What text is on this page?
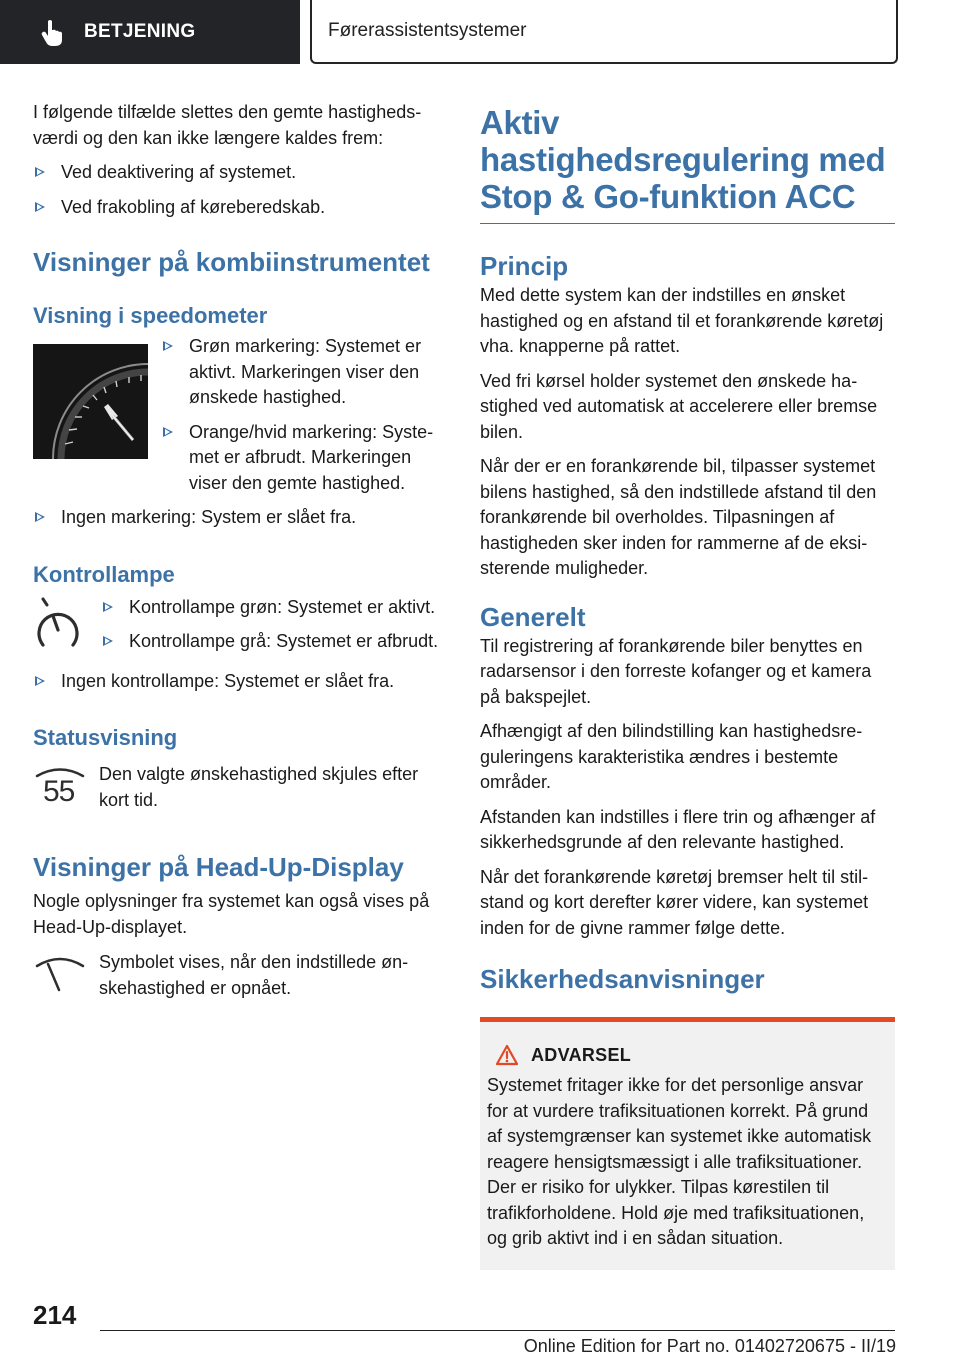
BETJENING	Førerassistentsystemer

I følgende tilfælde slettes den gemte hastighedsværdi og den kan ikke længere kaldes frem:

Ved deaktivering af systemet.
Ved frakobling af køreberedskab.
Visninger på kombiinstrumentet
Visning i speedometer
Grøn markering: Systemet er aktivt. Markeringen viser den ønskede hastighed.
Orange/hvid markering: Systemet er afbrudt. Markeringen viser den gemte hastighed.
Ingen markering: System er slået fra.
Kontrollampe
Kontrollampe grøn: Systemet er aktivt.
Kontrollampe grå: Systemet er afbrudt.
Ingen kontrollampe: Systemet er slået fra.
Statusvisning
55

Den valgte ønskehastighed skjules efter kort tid.

Visninger på Head-Up-Display

Nogle oplysninger fra systemet kan også vises på Head-Up-displayet.

Symbolet vises, når den indstillede ønskehastighed er opnået.

Aktiv hastighedsregulering med Stop & Go-funktion ACC
Princip

Med dette system kan der indstilles en ønsket hastighed og en afstand til et forankørende køretøj vha. knapperne på rattet.

Ved fri kørsel holder systemet den ønskede hastighed ved automatisk at accelerere eller bremse bilen.

Når der er en forankørende bil, tilpasser systemet bilens hastighed, så den indstillede afstand til den forankørende bil overholdes. Tilpasningen af hastigheden sker inden for rammerne af de eksisterende muligheder.

Generelt

Til registrering af forankørende biler benyttes en radarsensor i den forreste kofanger og et kamera på bakspejlet.

Afhængigt af den bilindstilling kan hastighedsreguleringens karakteristika ændres i bestemte områder.

Afstanden kan indstilles i flere trin og afhænger af sikkerhedsgrunde af den relevante hastighed.

Når det forankørende køretøj bremser helt til stilstand og kort derefter kører videre, kan systemet inden for de givne rammer følge dette.

Sikkerhedsanvisninger
ADVARSEL

Systemet fritager ikke for det personlige ansvar for at vurdere trafiksituationen korrekt. På grund af systemgrænser kan systemet ikke automatisk reagere hensigtsmæssigt i alle trafiksituationer. Der er risiko for ulykker. Tilpas kørestilen til trafikforholdene. Hold øje med trafiksituationen, og grib aktivt ind i en sådan situation.

214
Online Edition for Part no. 01402720675 - II/19
